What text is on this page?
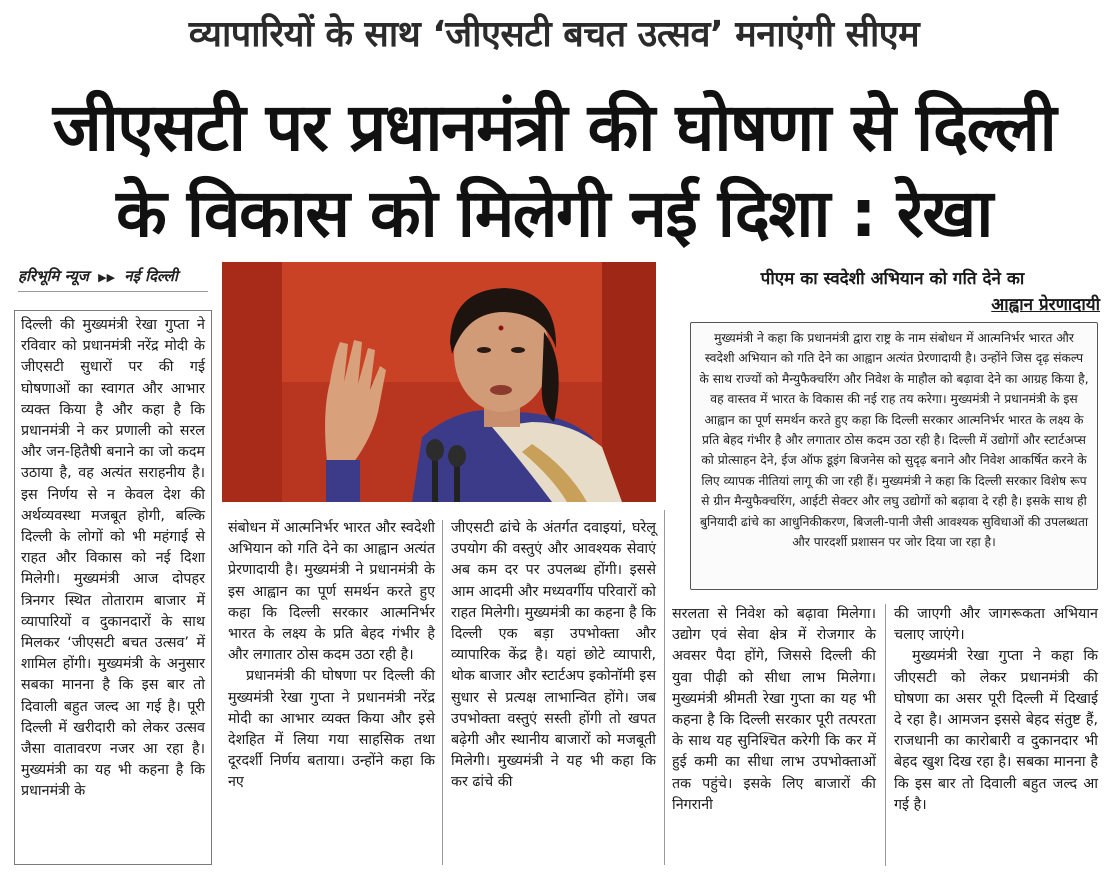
व्यापारियों के साथ ‘जीएसटी बचत उत्सव’ मनाएंगी सीएम
जीएसटी पर प्रधानमंत्री की घोषणा से दिल्ली
के विकास को मिलेगी नई दिशा : रेखा
हरिभूमि न्यूज ▶▶ नई दिल्ली	पीएम का स्वदेशी अभियान को गति देने का
आह्वान प्रेरणादायी
मुख्यमंत्री ने कहा कि प्रधानमंत्री द्वारा राष्ट्र के नाम संबोधन में आत्मनिर्भर भारत और स्वदेशी अभियान को गति देने का आह्वान अत्यंत प्रेरणादायी है। उन्होंने जिस दृढ़ संकल्प के साथ राज्यों को मैन्युफैक्चरिंग और निवेश के माहौल को बढ़ावा देने का आग्रह किया है, वह वास्तव में भारत के विकास की नई राह तय करेगा। मुख्यमंत्री ने प्रधानमंत्री के इस आह्वान का पूर्ण समर्थन करते हुए कहा कि दिल्ली सरकार आत्मनिर्भर भारत के लक्ष्य के प्रति बेहद गंभीर है और लगातार ठोस कदम उठा रही है। दिल्ली में उद्योगों और स्टार्टअप्स को प्रोत्साहन देने, ईज ऑफ डूइंग बिजनेस को सुदृढ़ बनाने और निवेश आकर्षित करने के लिए व्यापक नीतियां लागू की जा रही हैं। मुख्यमंत्री ने कहा कि दिल्ली सरकार विशेष रूप से ग्रीन मैन्युफैक्चरिंग, आईटी सेक्टर और लघु उद्योगों को बढ़ावा दे रही है। इसके साथ ही बुनियादी ढांचे का आधुनिकीकरण, बिजली-पानी जैसी आवश्यक सुविधाओं की उपलब्धता और पारदर्शी प्रशासन पर जोर दिया जा रहा है।

दिल्ली की मुख्यमंत्री रेखा गुप्ता ने रविवार को प्रधानमंत्री नरेंद्र मोदी के जीएसटी सुधारों पर की गई घोषणाओं का स्वागत और आभार व्यक्त किया है और कहा है कि प्रधानमंत्री ने कर प्रणाली को सरल और जन-हितैषी बनाने का जो कदम उठाया है, वह अत्यंत सराहनीय है। इस निर्णय से न केवल देश की अर्थव्यवस्था मजबूत होगी, बल्कि दिल्ली के लोगों को भी महंगाई से राहत और विकास को नई दिशा मिलेगी। मुख्यमंत्री आज दोपहर त्रिनगर स्थित तोताराम बाजार में व्यापारियों व दुकानदारों के साथ मिलकर ‘जीएसटी बचत उत्सव’ में शामिल होंगी। मुख्यमंत्री के अनुसार सबका मानना है कि इस बार तो दिवाली बहुत जल्द आ गई है। पूरी दिल्ली में खरीदारी को लेकर उत्सव जैसा वातावरण नजर आ रहा है। मुख्यमंत्री का यह भी कहना है कि प्रधानमंत्री के

संबोधन में आत्मनिर्भर भारत और स्वदेशी अभियान को गति देने का आह्वान अत्यंत प्रेरणादायी है। मुख्यमंत्री ने प्रधानमंत्री के इस आह्वान का पूर्ण समर्थन करते हुए कहा कि दिल्ली सरकार आत्मनिर्भर भारत के लक्ष्य के प्रति बेहद गंभीर है और लगातार ठोस कदम उठा रही है।

प्रधानमंत्री की घोषणा पर दिल्ली की मुख्यमंत्री रेखा गुप्ता ने प्रधानमंत्री नरेंद्र मोदी का आभार व्यक्त किया और इसे देशहित में लिया गया साहसिक तथा दूरदर्शी निर्णय बताया। उन्होंने कहा कि नए

जीएसटी ढांचे के अंतर्गत दवाइयां, घरेलू उपयोग की वस्तुएं और आवश्यक सेवाएं अब कम दर पर उपलब्ध होंगी। इससे आम आदमी और मध्यवर्गीय परिवारों को राहत मिलेगी। मुख्यमंत्री का कहना है कि दिल्ली एक बड़ा उपभोक्ता और व्यापारिक केंद्र है। यहां छोटे व्यापारी, थोक बाजार और स्टार्टअप इकोनॉमी इस सुधार से प्रत्यक्ष लाभान्वित होंगे। जब उपभोक्ता वस्तुएं सस्ती होंगी तो खपत बढ़ेगी और स्थानीय बाजारों को मजबूती मिलेगी। मुख्यमंत्री ने यह भी कहा कि कर ढांचे की

सरलता से निवेश को बढ़ावा मिलेगा। उद्योग एवं सेवा क्षेत्र में रोजगार के अवसर पैदा होंगे, जिससे दिल्ली की युवा पीढ़ी को सीधा लाभ मिलेगा। मुख्यमंत्री श्रीमती रेखा गुप्ता का यह भी कहना है कि दिल्ली सरकार पूरी तत्परता के साथ यह सुनिश्चित करेगी कि कर में हुई कमी का सीधा लाभ उपभोक्ताओं तक पहुंचे। इसके लिए बाजारों की निगरानी

की जाएगी और जागरूकता अभियान चलाए जाएंगे।

मुख्यमंत्री रेखा गुप्ता ने कहा कि जीएसटी को लेकर प्रधानमंत्री की घोषणा का असर पूरी दिल्ली में दिखाई दे रहा है। आमजन इससे बेहद संतुष्ट हैं, राजधानी का कारोबारी व दुकानदार भी बेहद खुश दिख रहा है। सबका मानना है कि इस बार तो दिवाली बहुत जल्द आ गई है।
